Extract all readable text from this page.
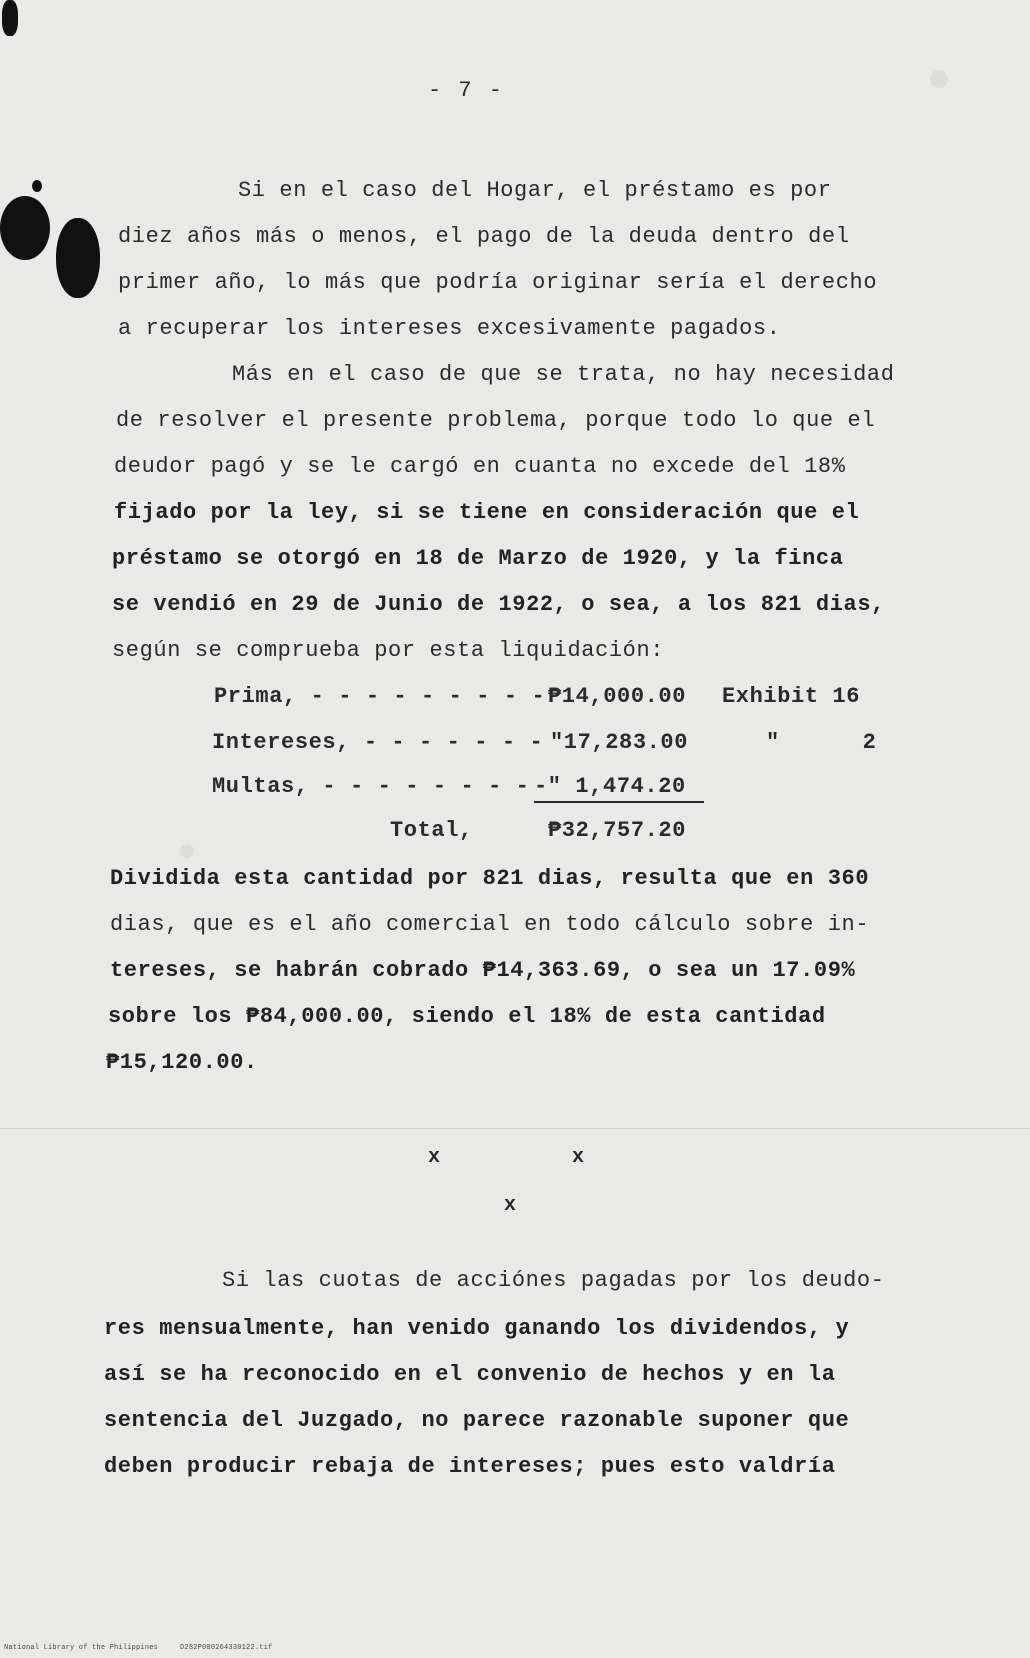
- 7 -
Si en el caso del Hogar, el préstamo es por
diez años más o menos, el pago de la deuda dentro del
primer año, lo más que podría originar sería el derecho
a recuperar los intereses excesivamente pagados.
Más en el caso de que se trata, no hay necesidad
de resolver el presente problema, porque todo lo que el
deudor pagó y se le cargó en cuanta no excede del 18%
fijado por la ley, si se tiene en consideración que el
préstamo se otorgó en 18 de Marzo de 1920, y la finca
se vendió en 29 de Junio de 1922, o sea, a los 821 dias,
según se comprueba por esta liquidación:
Prima, - - - - - - - - - ₱14,000.00 Exhibit 16
Intereses, - - - - - - - "17,283.00	"      2
Multas, - - - - - - - - -" 1,474.20
Total,	₱32,757.20
Dividida esta cantidad por 821 dias, resulta que en 360
dias, que es el año comercial en todo cálculo sobre in-
tereses, se habrán cobrado ₱14,363.69, o sea un 17.09%
sobre los ₱84,000.00, siendo el 18% de esta cantidad
₱15,120.00.
x	x
x
Si las cuotas de acciónes pagadas por los deudo-
res mensualmente, han venido ganando los dividendos, y
así se ha reconocido en el convenio de hechos y en la
sentencia del Juzgado, no parece razonable suponer que
deben producir rebaja de intereses; pues esto valdría
National Library of the Philippines     D282P000264330122.tif
